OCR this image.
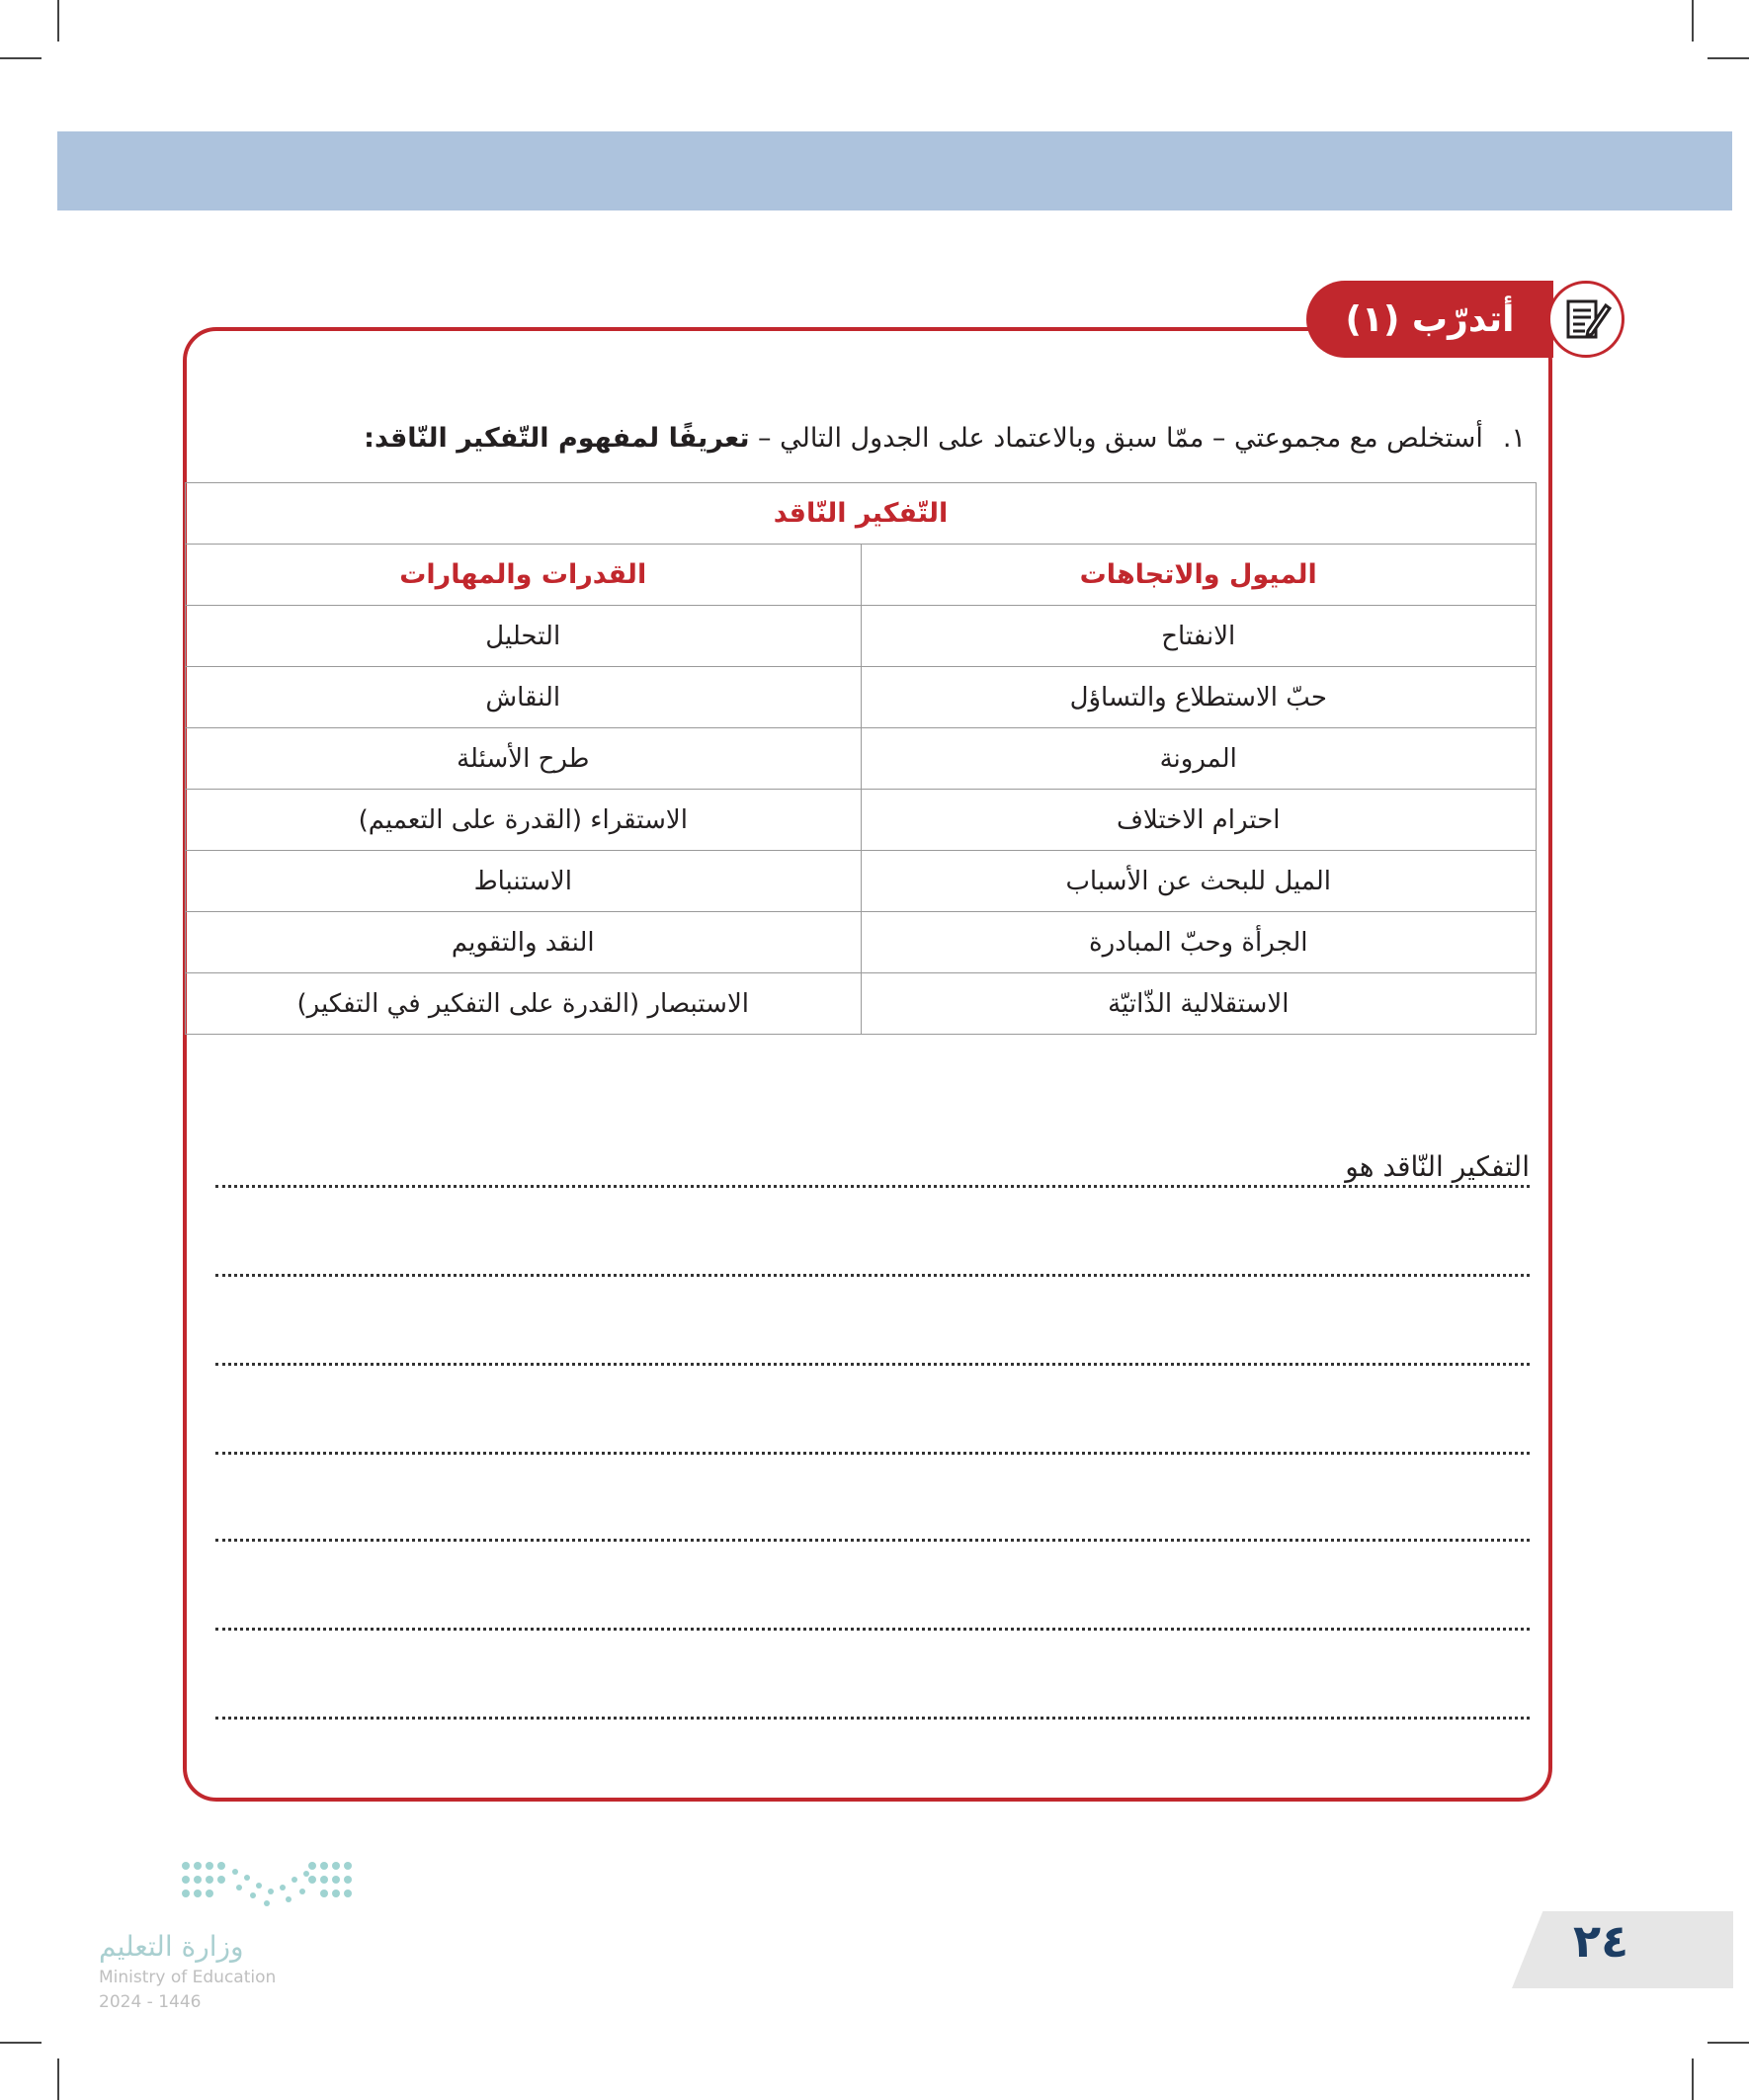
أتدرّب (١)
١.أستخلص مع مجموعتي – ممّا سبق وبالاعتماد على الجدول التالي – تعريفًا لمفهوم التّفكير النّاقد:
التّفكير النّاقد	
الميول والاتجاهات	القدرات والمهارات
الانفتاح	التحليل
حبّ الاستطلاع والتساؤل	النقاش
المرونة	طرح الأسئلة
احترام الاختلاف	الاستقراء (القدرة على التعميم)
الميل للبحث عن الأسباب	الاستنباط
الجرأة وحبّ المبادرة	النقد والتقويم
الاستقلالية الذّاتيّة	الاستبصار (القدرة على التفكير في التفكير)
التفكير النّاقد هو
٢٤
وزارة التعليم
Ministry of Education
2024 - 1446
